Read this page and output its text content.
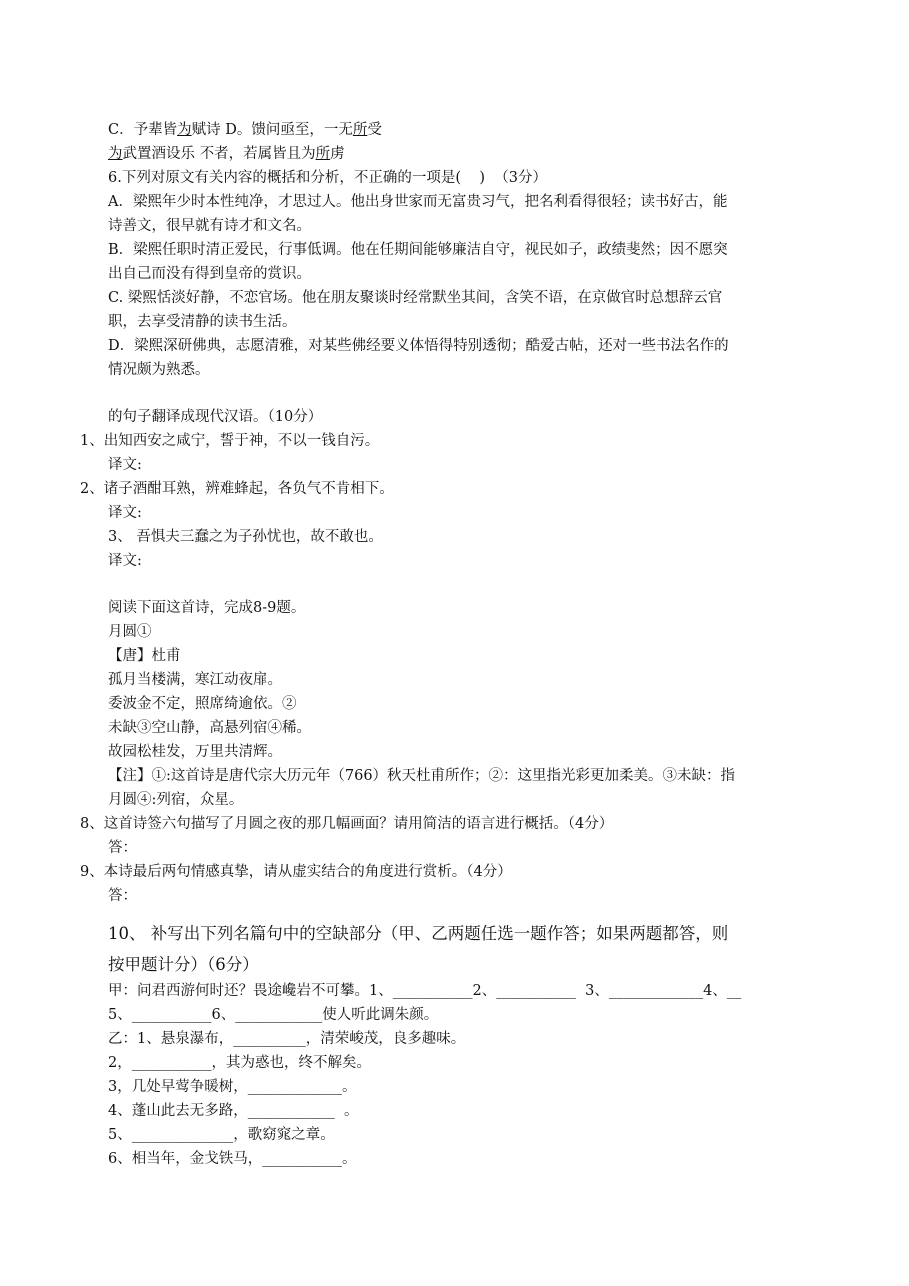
C．予辈皆为赋诗 D。馈问亟至，一无所受
为武置酒设乐 不者，若属皆且为所虏
6.下列对原文有关内容的概括和分析，不正确的一项是(    )  （3分）
A．梁熙年少时本性纯净，才思过人。他出身世家而无富贵习气，把名利看得很轻；读书好古，能
诗善文，很早就有诗才和文名。
B．梁熙任职时清正爱民，行事低调。他在任期间能够廉洁自守，视民如子，政绩斐然；因不愿突
出自己而没有得到皇帝的赏识。
C. 梁熙恬淡好静，不恋官场。他在朋友聚谈时经常默坐其间，含笑不语，在京做官时总想辞云官
职，去享受清静的读书生活。
D．梁熙深研佛典，志愿清雅，对某些佛经要义体悟得特别透彻；酷爱古帖，还对一些书法名作的
情况颇为熟悉。
的句子翻译成现代汉语。（10分）
1、出知西安之咸宁，誓于神，不以一钱自污。
译文:
2、诸子酒酣耳熟，辨难蜂起，各负气不肯相下。
译文:
3、 吾惧夫三蠢之为子孙忧也，故不敢也。
译文:
阅读下面这首诗，完成8-9题。
月圆①
【唐】杜甫
孤月当楼满，寒江动夜扉。
委波金不定，照席绮逾依。②
未缺③空山静，高悬列宿④稀。
故园松桂发，万里共清辉。
【注】①:这首诗是唐代宗大历元年（766）秋天杜甫所作；②：这里指光彩更加柔美。③未缺：指
月圆④:列宿，众星。
8、这首诗签六句描写了月圆之夜的那几幅画面？请用简洁的语言进行概括。（4分）
答：
9、本诗最后两句情感真挚，请从虚实结合的角度进行赏析。（4分）
答：
10、 补写出下列名篇句中的空缺部分（甲、乙两题任选一题作答；如果两题都答，则
按甲题计分）（6分）
甲：问君西游何时还？畏途巉岩不可攀。1、___________2、___________  3、_____________4、__
5、___________6、____________使人听此调朱颜。
乙：1、悬泉瀑布，__________，清荣峻茂，良多趣味。
2，___________，其为惑也，终不解矣。
3，几处早莺争暖树，_____________。
4、蓬山此去无多路，____________  。
5、______________，歌窈窕之章。
6、相当年，金戈铁马，___________。
